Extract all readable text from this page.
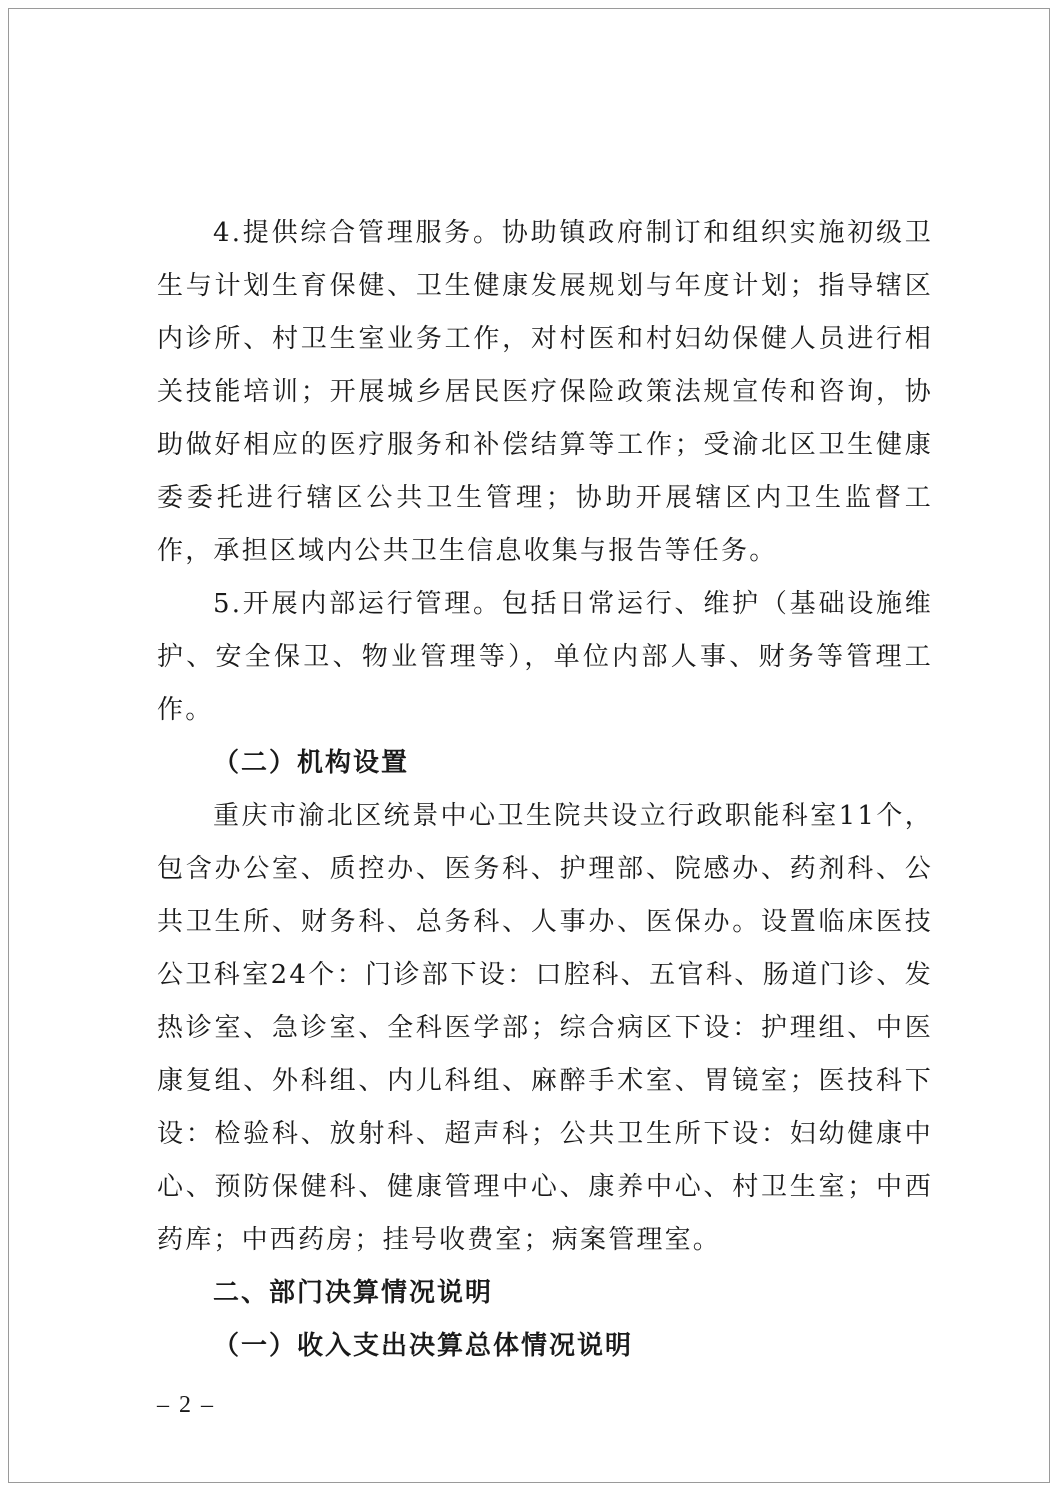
4.提供综合管理服务。协助镇政府制订和组织实施初级卫生与计划生育保健、卫生健康发展规划与年度计划；指导辖区内诊所、村卫生室业务工作，对村医和村妇幼保健人员进行相关技能培训；开展城乡居民医疗保险政策法规宣传和咨询，协助做好相应的医疗服务和补偿结算等工作；受渝北区卫生健康委委托进行辖区公共卫生管理；协助开展辖区内卫生监督工作，承担区域内公共卫生信息收集与报告等任务。

5.开展内部运行管理。包括日常运行、维护（基础设施维护、安全保卫、物业管理等），单位内部人事、财务等管理工作。

（二）机构设置

重庆市渝北区统景中心卫生院共设立行政职能科室11个，包含办公室、质控办、医务科、护理部、院感办、药剂科、公共卫生所、财务科、总务科、人事办、医保办。设置临床医技公卫科室24个：门诊部下设：口腔科、五官科、肠道门诊、发热诊室、急诊室、全科医学部；综合病区下设：护理组、中医康复组、外科组、内儿科组、麻醉手术室、胃镜室；医技科下设：检验科、放射科、超声科；公共卫生所下设：妇幼健康中心、预防保健科、健康管理中心、康养中心、村卫生室；中西药库；中西药房；挂号收费室；病案管理室。

二、部门决算情况说明

（一）收入支出决算总体情况说明

– 2 –
